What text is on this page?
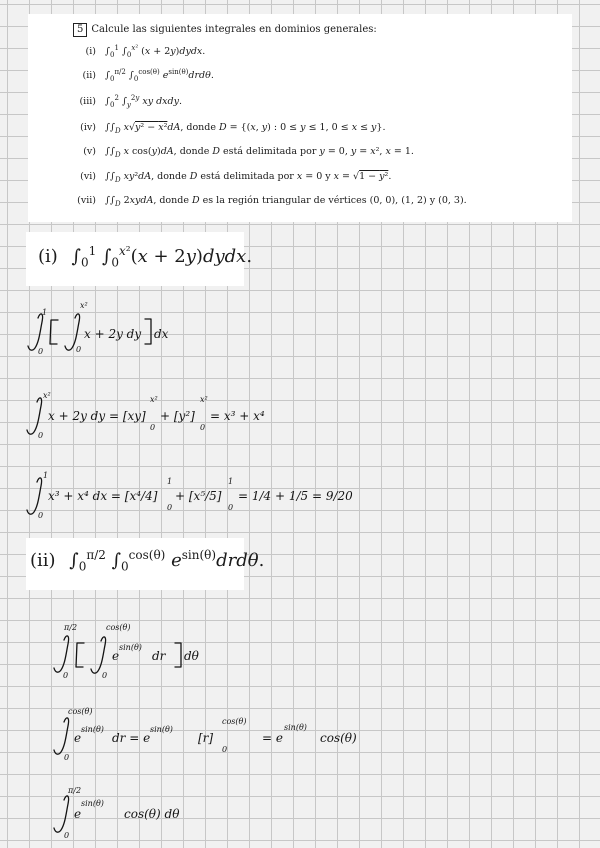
5 Calcule las siguientes integrales en dominios generales:
(i) $\int_0^1$ $\int_0^{x^2}$ (x + 2y)dydx.
(ii) $\int_0^{\pi/2}$ $\int_0^{cos(\theta)}$ $e^{sin(\theta)}drd\theta$.
(iii) $\int_0^2$ $\int_y^{2y}$ xy dxdy.
(iv) $\int\int_D$ x√y² − x²dA, donde D = {(x, y) : 0 ≤ y ≤ 1, 0 ≤ x ≤ y}.
(v) $\int\int_D$ x cos(y)dA, donde D está delimitada por y = 0, y = x², x = 1.
(vi) $\int\int_D$ xy²dA, donde D está delimitada por x = 0 y x = √1 − y².
(vii) $\int\int_D$ 2xydA, donde D es la región triangular de vértices (0, 0), (1, 2) y (0, 3).
(i) $\int_0^1$ $\int_0^{x^2}(x$ + 2y)dydx.
(ii) $\int_0^{\pi/2}$ $\int_0^{cos(\theta)}$ $e^{sin(\theta)}drd\theta$.
1
0
x²
0
x + 2y dy dx
x²
0
x + 2y dy = [xy]
x²
0
+ [y²]
x²
0
= x³ + x⁴
1
0
x³ + x⁴ dx = [x⁴/4]
1
0
+ [x⁵/5]
1
0
= 1/4 + 1/5 = 9/20
π/2
0
cos(θ)
0
e
sin(θ)
dr dθ
cos(θ)
0
e
sin(θ)
dr = e
sin(θ)
[r]
cos(θ)
0
= e
sin(θ)
cos(θ)
π/2
0
e
sin(θ)
cos(θ) dθ
